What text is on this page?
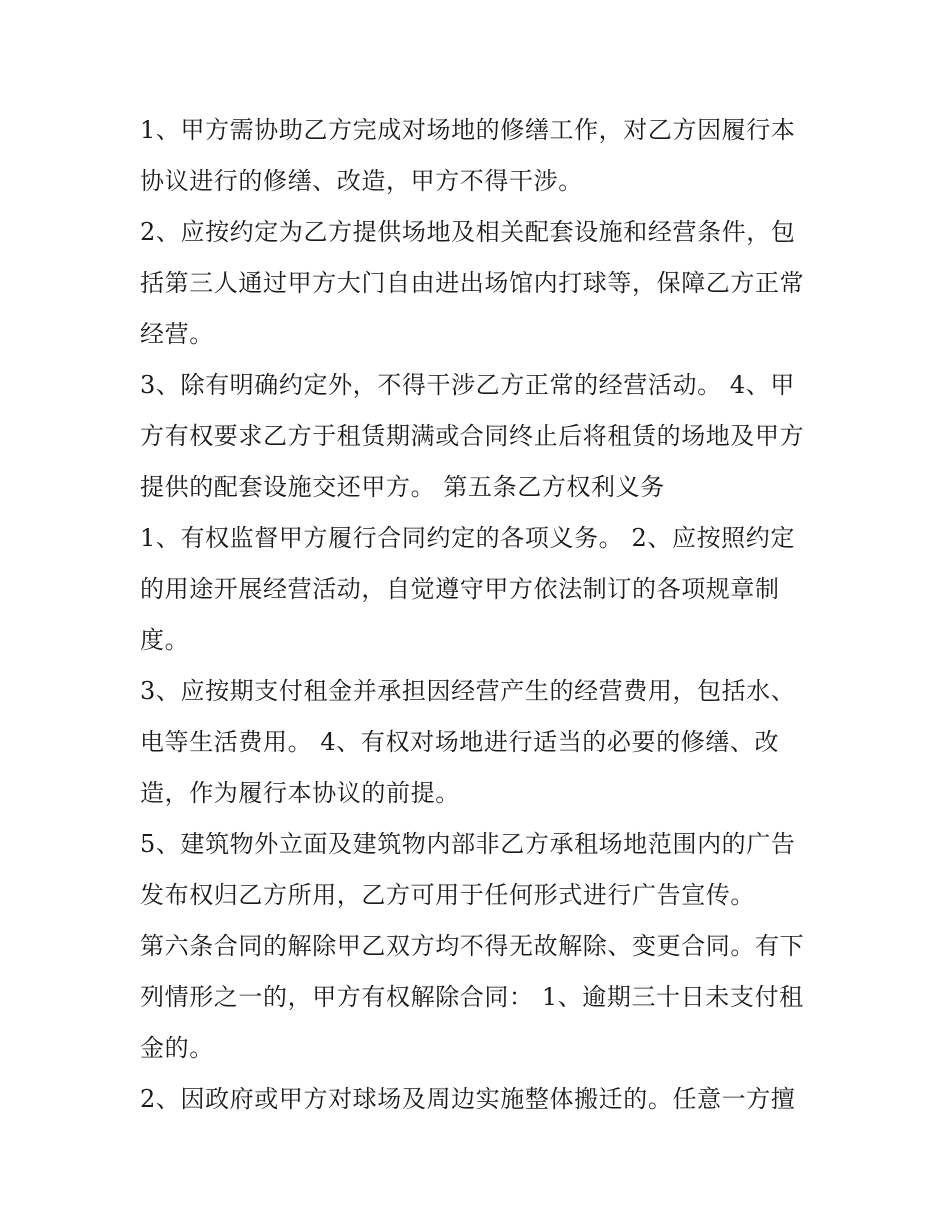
1、甲方需协助乙方完成对场地的修缮工作，对乙方因履行本
协议进行的修缮、改造，甲方不得干涉。
2、应按约定为乙方提供场地及相关配套设施和经营条件，包
括第三人通过甲方大门自由进出场馆内打球等，保障乙方正常
经营。
3、除有明确约定外，不得干涉乙方正常的经营活动。 4、甲
方有权要求乙方于租赁期满或合同终止后将租赁的场地及甲方
提供的配套设施交还甲方。 第五条乙方权利义务
1、有权监督甲方履行合同约定的各项义务。 2、应按照约定
的用途开展经营活动，自觉遵守甲方依法制订的各项规章制
度。
3、应按期支付租金并承担因经营产生的经营费用，包括水、
电等生活费用。 4、有权对场地进行适当的必要的修缮、改
造，作为履行本协议的前提。
5、建筑物外立面及建筑物内部非乙方承租场地范围内的广告
发布权归乙方所用，乙方可用于任何形式进行广告宣传。
第六条合同的解除甲乙双方均不得无故解除、变更合同。有下
列情形之一的，甲方有权解除合同： 1、逾期三十日未支付租
金的。
2、因政府或甲方对球场及周边实施整体搬迁的。任意一方擅
